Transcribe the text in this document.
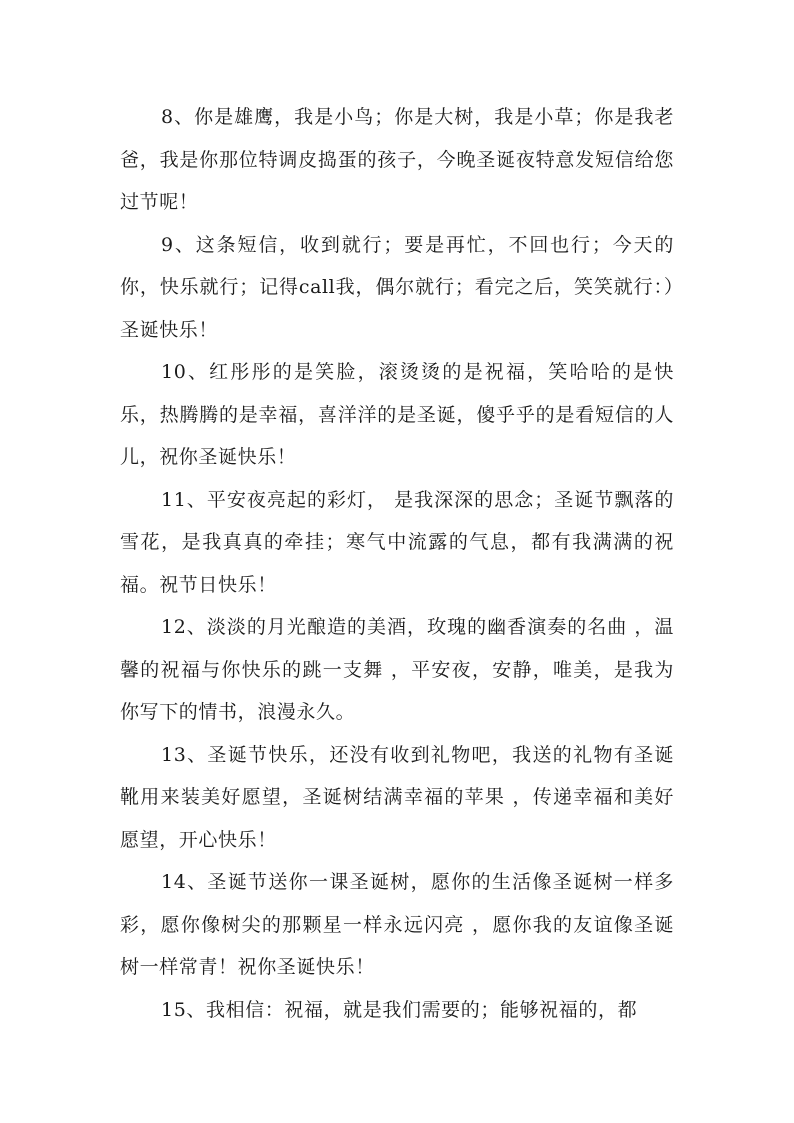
8、你是雄鹰，我是小鸟；你是大树，我是小草；你是我老爸，我是你那位特调皮捣蛋的孩子，今晚圣诞夜特意发短信给您过节呢！

9、这条短信，收到就行；要是再忙，不回也行；今天的你，快乐就行；记得call我，偶尔就行；看完之后，笑笑就行：）圣诞快乐！

10、红彤彤的是笑脸，滚烫烫的是祝福，笑哈哈的是快乐，热腾腾的是幸福，喜洋洋的是圣诞，傻乎乎的是看短信的人儿，祝你圣诞快乐！

11、平安夜亮起的彩灯， 是我深深的思念；圣诞节飘落的雪花，是我真真的牵挂；寒气中流露的气息，都有我满满的祝福。祝节日快乐！

12、淡淡的月光酿造的美酒，玫瑰的幽香演奏的名曲 ，温馨的祝福与你快乐的跳一支舞 ，平安夜，安静，唯美，是我为你写下的情书，浪漫永久。

13、圣诞节快乐，还没有收到礼物吧，我送的礼物有圣诞靴用来装美好愿望，圣诞树结满幸福的苹果 ，传递幸福和美好愿望，开心快乐！

14、圣诞节送你一课圣诞树，愿你的生活像圣诞树一样多彩，愿你像树尖的那颗星一样永远闪亮 ，愿你我的友谊像圣诞树一样常青！祝你圣诞快乐！

15、我相信：祝福，就是我们需要的；能够祝福的，都
